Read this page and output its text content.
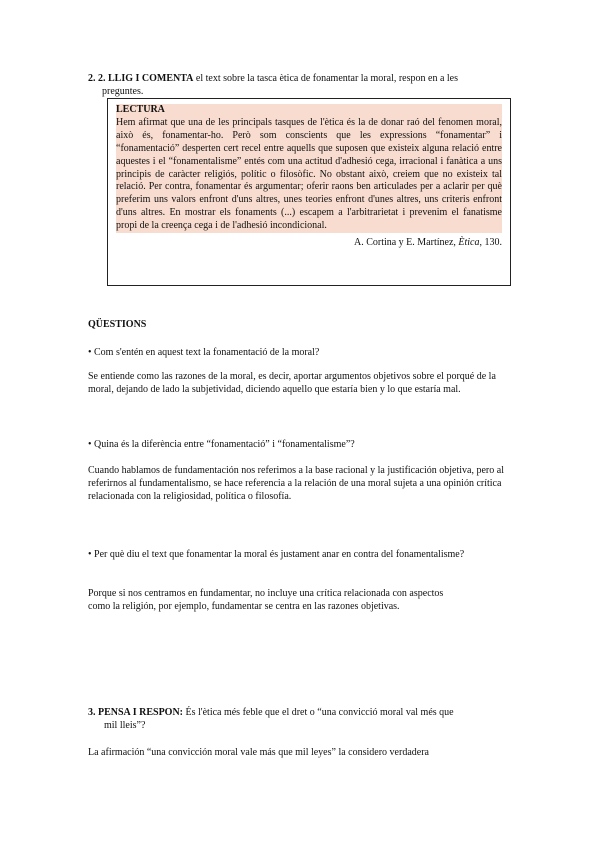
2. 2. LLIG I COMENTA el text sobre la tasca ètica de fonamentar la moral, respon en a les
preguntes.
LECTURA
Hem afirmat que una de les principals tasques de l'ètica és la de donar raó del fenomen moral, això és, fonamentar-ho. Però som conscients que les expressions “fonamentar” i “fonamentació” desperten cert recel entre aquells que suposen que existeix alguna relació entre aquestes i el “fonamentalisme” entés com una actitud d'adhesió cega, irracional i fanàtica a uns principis de caràcter religiós, polític o filosòfic. No obstant això, creiem que no existeix tal relació. Per contra, fonamentar és argumentar; oferir raons ben articulades per a aclarir per què preferim uns valors enfront d'uns altres, unes teories enfront d'unes altres, uns criteris enfront d'uns altres. En mostrar els fonaments (...) escapem a l'arbitrarietat i prevenim el fanatisme propi de la creença cega i de l'adhesió incondicional.
A. Cortina y E. Martínez, Ètica, 130.
QÜESTIONS
• Com s'entén en aquest text la fonamentació de la moral?
Se entiende como las razones de la moral, es decir, aportar argumentos objetivos sobre el porqué de la moral, dejando de lado la subjetividad, diciendo aquello que estaría bien y lo que estaría mal.
• Quina és la diferència entre “fonamentació” i “fonamentalisme”?
Cuando hablamos de fundamentación nos referimos a la base racional y la justificación objetiva, pero al referirnos al fundamentalismo, se hace referencia a la relación de una moral sujeta a una opinión crítica relacionada con la religiosidad, política o filosofía.
• Per què diu el text que fonamentar la moral és justament anar en contra del fonamentalisme?
Porque si nos centramos en fundamentar, no incluye una crítica relacionada con aspectos como la religión, por ejemplo, fundamentar se centra en las razones objetivas.
3. PENSA I RESPON: És l'ètica més feble que el dret o “una convicció moral val més que
mil lleis”?
La afirmación “una convicción moral vale más que mil leyes” la considero verdadera
